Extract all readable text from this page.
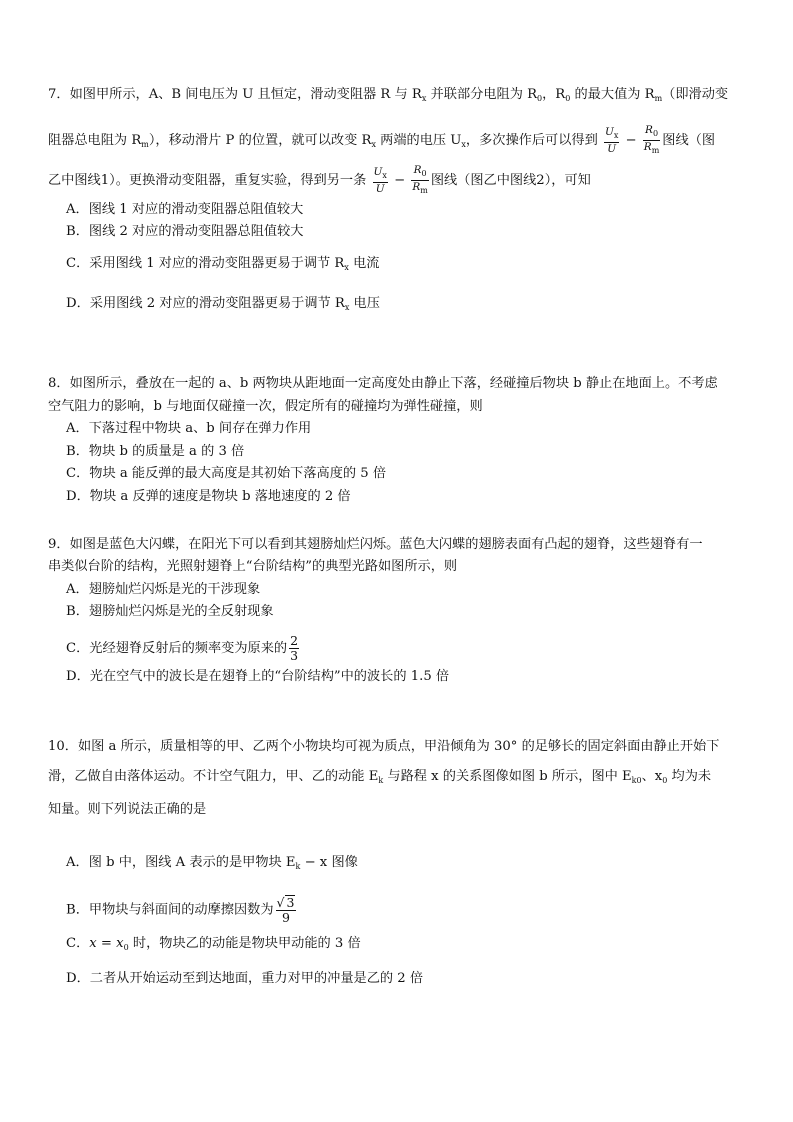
7．如图甲所示，A、B 间电压为 U 且恒定，滑动变阻器 R 与 $R_x$ 并联部分电阻为 $R_0$，$R_0$ 的最大值为 $R_m$（即滑动变
阻器总电阻为 $R_m$），移动滑片 P 的位置，就可以改变 $R_x$ 两端的电压 $U_x$，多次操作后可以得到 $\frac{U_x}{U} - \frac{R_0}{R_m}$ 图线（图
乙中图线1）。更换滑动变阻器，重复实验，得到另一条 $\frac{U_x}{U} - \frac{R_0}{R_m}$ 图线（图乙中图线2），可知
A．图线 1 对应的滑动变阻器总阻值较大
B．图线 2 对应的滑动变阻器总阻值较大
C．采用图线 1 对应的滑动变阻器更易于调节 $R_x$ 电流
D．采用图线 2 对应的滑动变阻器更易于调节 $R_x$ 电压
8．如图所示，叠放在一起的 a、b 两物块从距地面一定高度处由静止下落，经碰撞后物块 b 静止在地面上。不考虑
空气阻力的影响，b 与地面仅碰撞一次，假定所有的碰撞均为弹性碰撞，则
A．下落过程中物块 a、b 间存在弹力作用
B．物块 b 的质量是 a 的 3 倍
C．物块 a 能反弹的最大高度是其初始下落高度的 5 倍
D．物块 a 反弹的速度是物块 b 落地速度的 2 倍
9．如图是蓝色大闪蝶，在阳光下可以看到其翅膀灿烂闪烁。蓝色大闪蝶的翅膀表面有凸起的翅脊，这些翅脊有一
串类似台阶的结构，光照射翅脊上“台阶结构”的典型光路如图所示，则
A．翅膀灿烂闪烁是光的干涉现象
B．翅膀灿烂闪烁是光的全反射现象
C．光经翅脊反射后的频率变为原来的 $\frac{2}{3}$
D．光在空气中的波长是在翅脊上的“台阶结构”中的波长的 1.5 倍
10．如图 a 所示，质量相等的甲、乙两个小物块均可视为质点，甲沿倾角为 30° 的足够长的固定斜面由静止开始下
滑，乙做自由落体运动。不计空气阻力，甲、乙的动能 $E_k$ 与路程 x 的关系图像如图 b 所示，图中 $E_{k0}$、$x_0$ 均为未
知量。则下列说法正确的是
A．图 b 中，图线 A 表示的是甲物块 $E_k - x$ 图像
B．甲物块与斜面间的动摩擦因数为 $\frac{√ 3}{9}$
C．$x = x_0$ 时，物块乙的动能是物块甲动能的 3 倍
D．二者从开始运动至到达地面，重力对甲的冲量是乙的 2 倍
